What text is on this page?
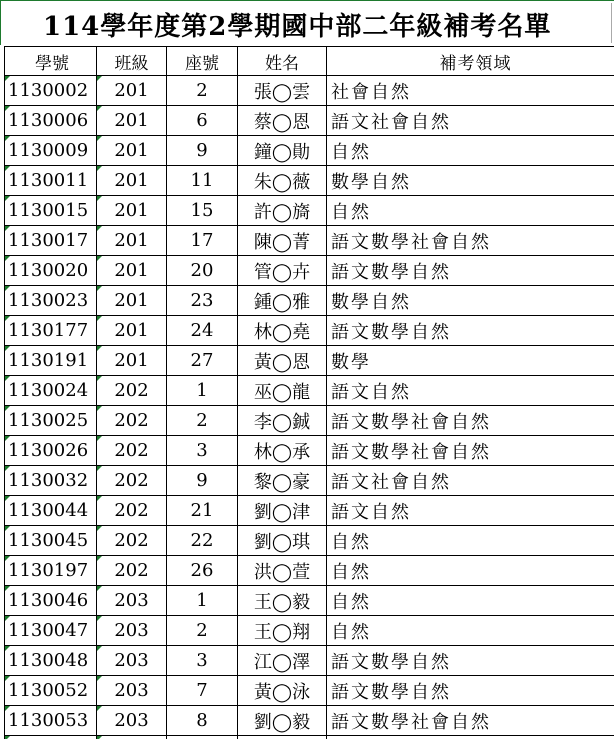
114學年度第2學期國中部二年級補考名單
學號	班級	座號	姓名	補考領域
1130002	201	2	張◯雲	社會自然
1130006	201	6	蔡◯恩	語文社會自然
1130009	201	9	鐘◯勛	自然
1130011	201	11	朱◯薇	數學自然
1130015	201	15	許◯旖	自然
1130017	201	17	陳◯菁	語文數學社會自然
1130020	201	20	管◯卉	語文數學自然
1130023	201	23	鍾◯雅	數學自然
1130177	201	24	林◯堯	語文數學自然
1130191	201	27	黃◯恩	數學
1130024	202	1	巫◯龍	語文自然
1130025	202	2	李◯鋮	語文數學社會自然
1130026	202	3	林◯承	語文數學社會自然
1130032	202	9	黎◯豪	語文社會自然
1130044	202	21	劉◯津	語文自然
1130045	202	22	劉◯琪	自然
1130197	202	26	洪◯萱	自然
1130046	203	1	王◯毅	自然
1130047	203	2	王◯翔	自然
1130048	203	3	江◯澤	語文數學自然
1130052	203	7	黃◯泳	語文數學自然
1130053	203	8	劉◯毅	語文數學社會自然
